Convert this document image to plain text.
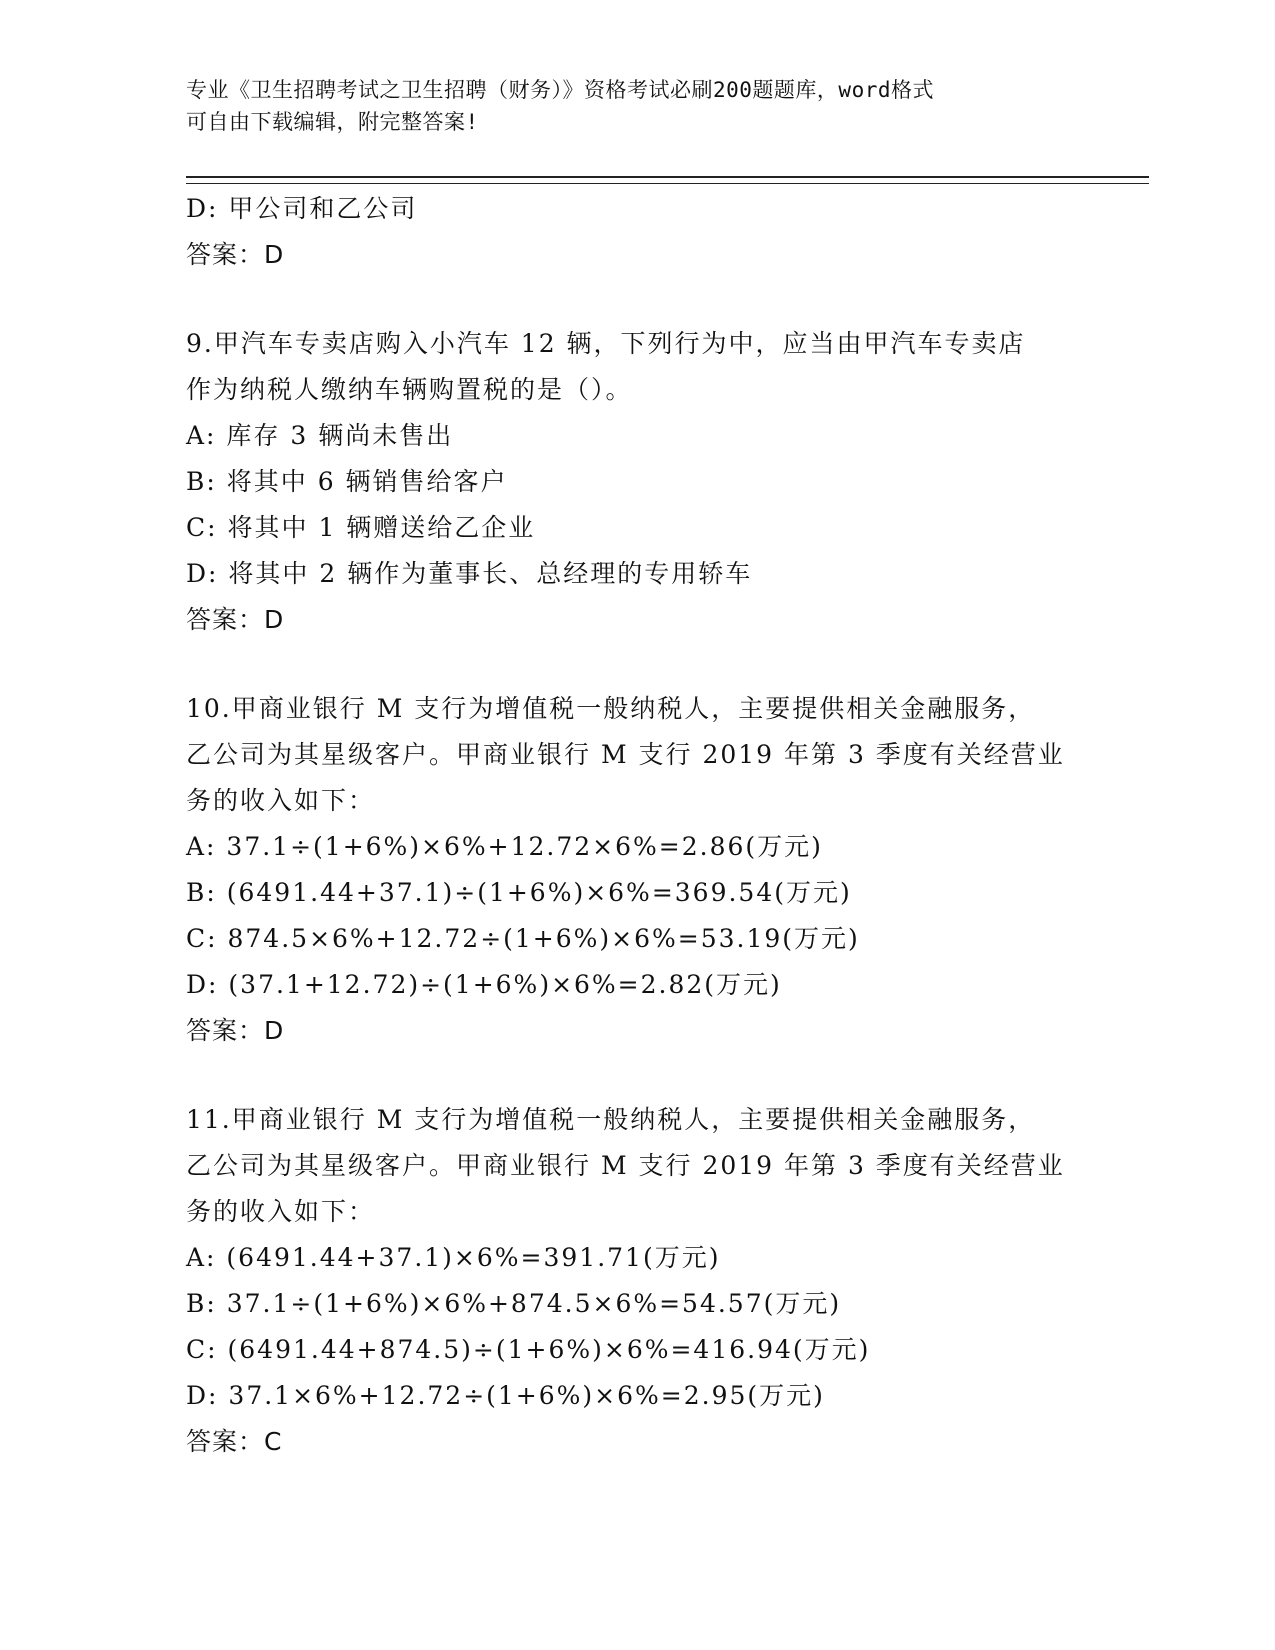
专业《卫生招聘考试之卫生招聘（财务）》资格考试必刷200题题库，word格式
可自由下载编辑，附完整答案!
D: 甲公司和乙公司
答案：D
9.甲汽车专卖店购入小汽车 12 辆，下列行为中，应当由甲汽车专卖店
作为纳税人缴纳车辆购置税的是（）。
A: 库存 3 辆尚未售出
B: 将其中 6 辆销售给客户
C: 将其中 1 辆赠送给乙企业
D: 将其中 2 辆作为董事长、总经理的专用轿车
答案：D
10.甲商业银行 M 支行为增值税一般纳税人，主要提供相关金融服务，
乙公司为其星级客户。甲商业银行 M 支行 2019 年第 3 季度有关经营业
务的收入如下：
A: 37.1÷(1+6%)×6%+12.72×6%=2.86(万元)
B: (6491.44+37.1)÷(1+6%)×6%=369.54(万元)
C: 874.5×6%+12.72÷(1+6%)×6%=53.19(万元)
D: (37.1+12.72)÷(1+6%)×6%=2.82(万元)
答案：D
11.甲商业银行 M 支行为增值税一般纳税人，主要提供相关金融服务，
乙公司为其星级客户。甲商业银行 M 支行 2019 年第 3 季度有关经营业
务的收入如下：
A: (6491.44+37.1)×6%=391.71(万元)
B: 37.1÷(1+6%)×6%+874.5×6%=54.57(万元)
C: (6491.44+874.5)÷(1+6%)×6%=416.94(万元)
D: 37.1×6%+12.72÷(1+6%)×6%=2.95(万元)
答案：C
